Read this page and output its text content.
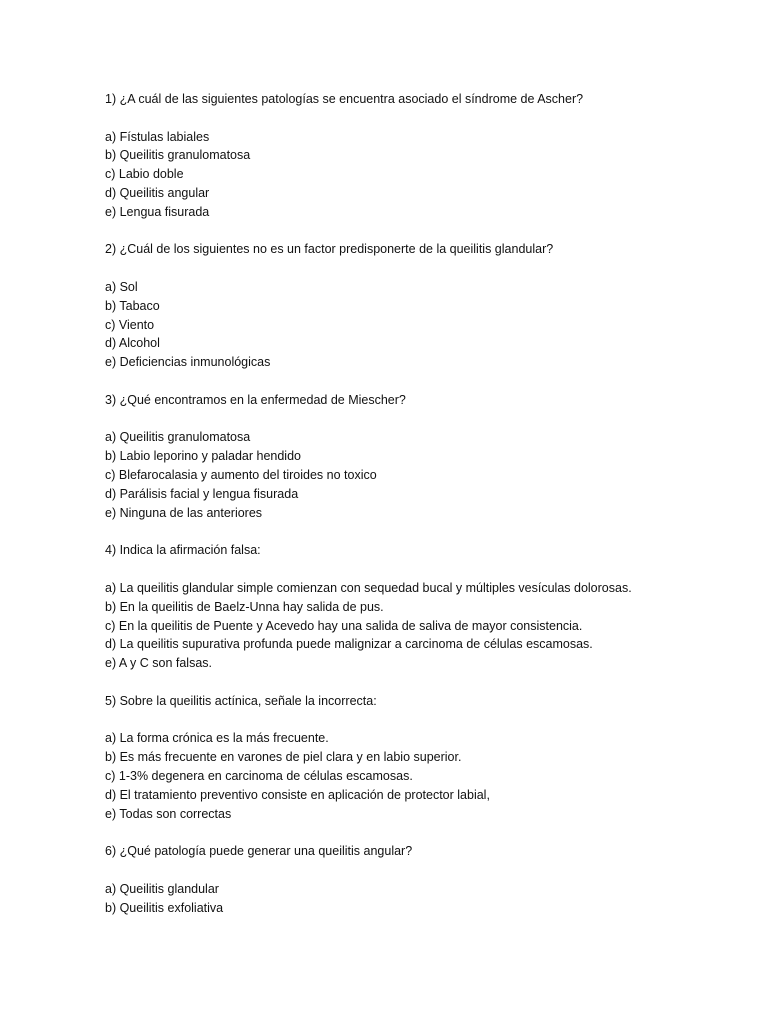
1) ¿A cuál de las siguientes patologías se encuentra asociado el síndrome de Ascher?

a) Fístulas labiales
b) Queilitis granulomatosa
c) Labio doble
d) Queilitis angular
e) Lengua fisurada

2) ¿Cuál de los siguientes no es un factor predisponerte de la queilitis glandular?

a) Sol
b) Tabaco
c) Viento
d) Alcohol
e) Deficiencias inmunológicas

3) ¿Qué encontramos en la enfermedad de Miescher?

a) Queilitis granulomatosa
b) Labio leporino y paladar hendido
c) Blefarocalasia y aumento del tiroides no toxico
d) Parálisis facial y lengua fisurada
e) Ninguna de las anteriores

4) Indica la afirmación falsa:

a) La queilitis glandular simple comienzan con sequedad bucal y múltiples vesículas dolorosas.
b) En la queilitis de Baelz-Unna hay salida de pus.
c) En la queilitis de Puente y Acevedo hay una salida de saliva de mayor consistencia.
d) La queilitis supurativa profunda puede malignizar a carcinoma de células escamosas.
e) A y C son falsas.

5) Sobre la queilitis actínica, señale la incorrecta:

a) La forma crónica es la más frecuente.
b) Es más frecuente en varones de piel clara y en labio superior.
c) 1-3% degenera en carcinoma de células escamosas.
d) El tratamiento preventivo consiste en aplicación de protector labial,
e) Todas son correctas

6) ¿Qué patología puede generar una queilitis angular?

a) Queilitis glandular
b) Queilitis exfoliativa
